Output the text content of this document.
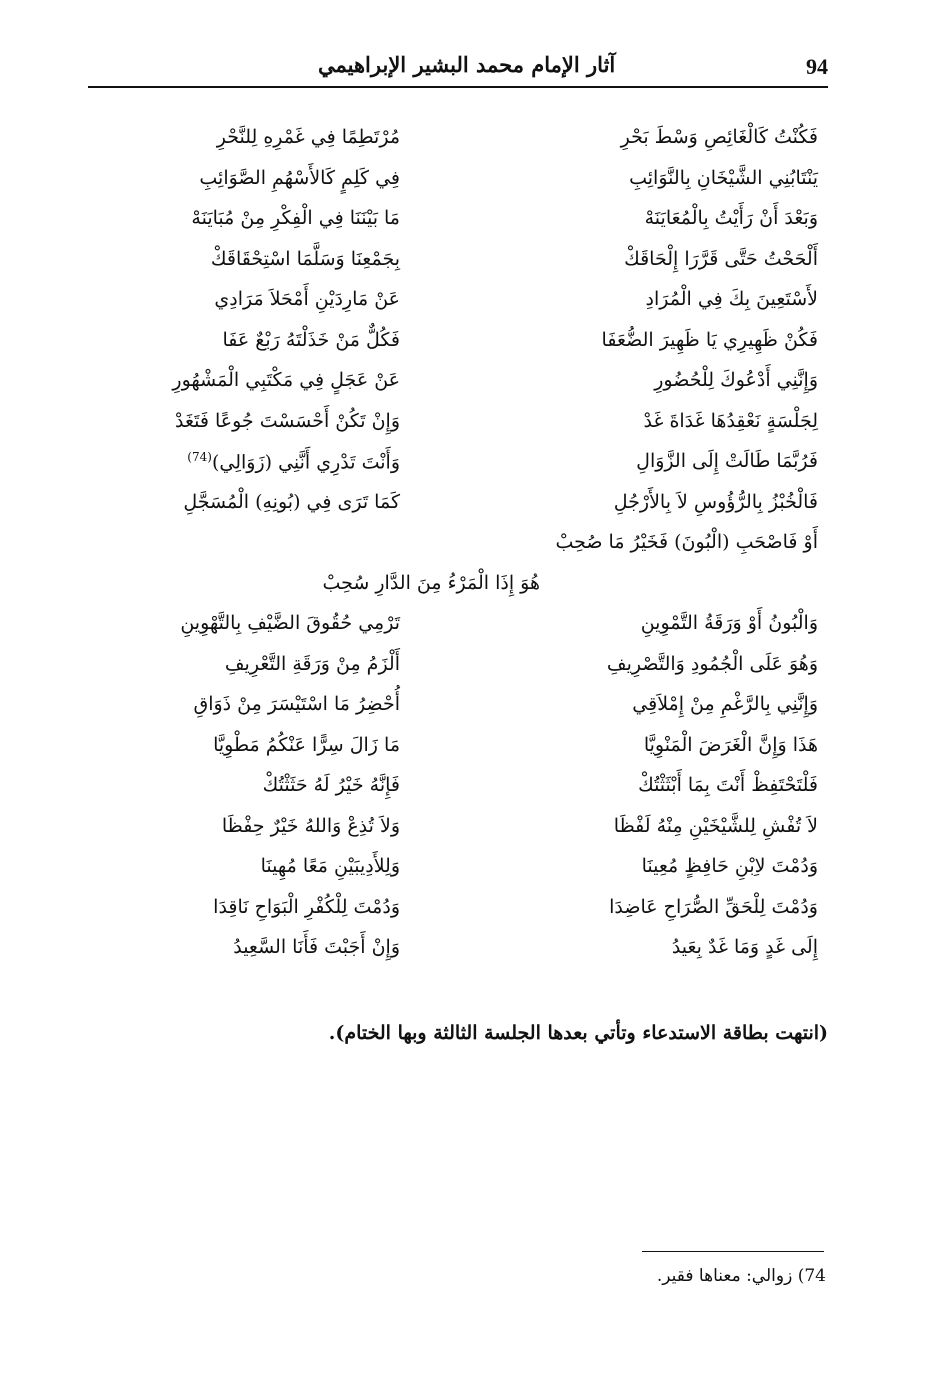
94
آثار الإمام محمد البشير الإبراهيمي
فَكُنْتُ كَالْغَائِصِ وَسْطَ بَحْرِ
مُرْتَطِمًا فِي غَمْرِهِ لِلنَّحْرِ
يَنْتَابُنِي الشَّيْخَانِ بِالنَّوَائِبِ
فِي كَلِمٍ كَالأَسْهُمِ الصَّوَائِبِ
وَبَعْدَ أَنْ رَأَيْتُ بِالْمُعَايَنَهْ
مَا بَيْنَنَا فِي الْفِكْرِ مِنْ مُبَايَنَهْ
أَلْحَحْتُ حَتَّى قَرَّرَا إِلْحَاقَكْ
بِجَمْعِنَا وَسَلَّمَا اسْتِحْقَاقَكْ
لأَسْتَعِينَ بِكَ فِي الْمُرَادِ
عَنْ مَارِدَيْنِ أَمْحَلاَ مَرَادِي
فَكُنْ ظَهِيرِي يَا ظَهِيرَ الضُّعَفَا
فَكُلٌّ مَنْ خَذَلْتَهُ رَبْعٌ عَفَا
وَإِنَّنِي أَدْعُوكَ لِلْحُضُورِ
عَنْ عَجَلٍ فِي مَكْتَبِي الْمَشْهُورِ
لِجَلْسَةٍ نَعْقِدُهَا غَدَاةَ غَدْ
وَإِنْ تَكُنْ أَحْسَسْتَ جُوعًا فَتَغَدْ
فَرُبَّمَا طَالَتْ إِلَى الزَّوَالِ
وَأَنْتَ تَدْرِي أَنَّنِي (زَوَالِي)$^{(74)}$
فَالْخُبْزُ بِالرُّؤُوسِ لاَ بِالأَرْجُلِ
كَمَا تَرَى فِي (بُونِهِ) الْمُسَجَّلِ
أَوْ فَاصْحَبِ (الْبُونَ) فَخَيْرُ مَا صُحِبْ
هُوَ إِذَا الْمَرْءُ مِنَ الدَّارِ سُحِبْ
وَالْبُونُ أَوْ وَرَقَةُ التَّمْوِينِ
تَرْمِي حُقُوقَ الضَّيْفِ بِالتَّهْوِينِ
وَهُوَ عَلَى الْجُمُودِ وَالتَّصْرِيفِ
أَلْزَمُ مِنْ وَرَقَةِ التَّعْرِيفِ
وَإِنَّنِي بِالرَّغْمِ مِنْ إِمْلاَقِي
أُحْضِرُ مَا اسْتَيْسَرَ مِنْ ذَوَاقِ
هَذَا وَإِنَّ الْغَرَضَ الْمَنْوِيَّا
مَا زَالَ سِرًّا عَنْكُمُ مَطْوِيَّا
فَلْتَحْتَفِظْ أَنْتَ بِمَا أَبْثَثْتُكْ
فَإِنَّهُ خَيْرُ لَهُ حَثَثْتُكْ
لاَ تُفْشِ لِلشَّيْخَيْنِ مِنْهُ لَفْظَا
وَلاَ تُذِعْ وَاللهُ خَيْرٌ حِفْظَا
وَدُمْتَ لاِبْنِ حَافِظٍ مُعِينَا
وَلِلأَدِيبَيْنِ مَعًا مُهِينَا
وَدُمْتَ لِلْحَقِّ الصُّرَاحِ عَاضِدَا
وَدُمْتَ لِلْكُفْرِ الْبَوَاحِ نَاقِدَا
إِلَى غَدٍ وَمَا غَدٌ بِعَيدُ
وَإِنْ أَجَبْتَ فَأَنَا السَّعِيدُ
(انتهت بطاقة الاستدعاء وتأتي بعدها الجلسة الثالثة وبها الختام).
74) زوالي: معناها فقير.
